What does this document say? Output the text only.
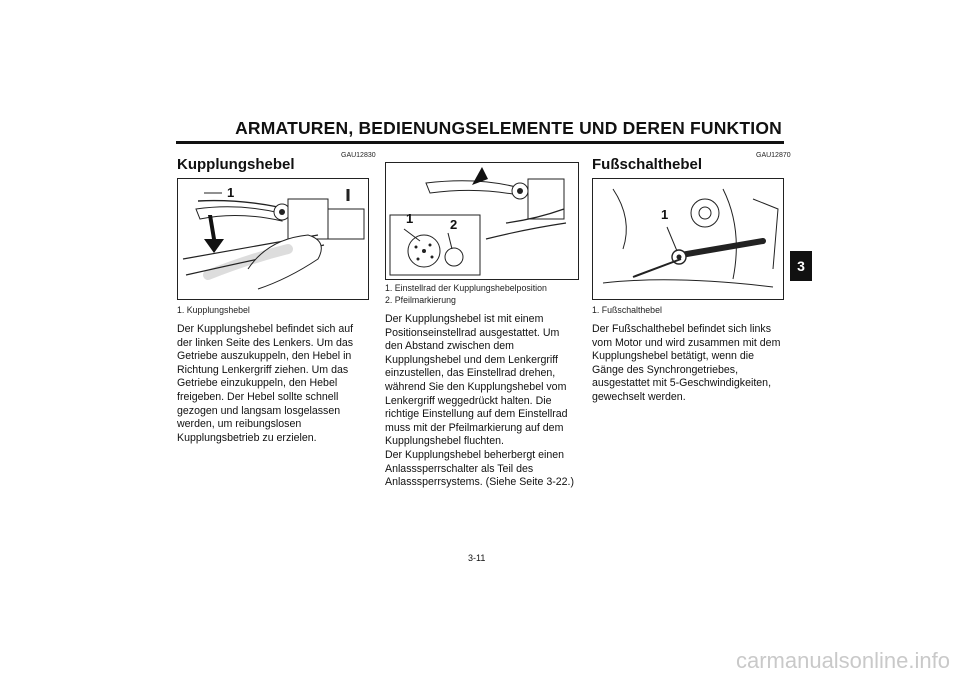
ARMATUREN, BEDIENUNGSELEMENTE UND DEREN FUNKTION
3
GAU12830
Kupplungshebel
1
1. Kupplungshebel

Der Kupplungshebel befindet sich auf der linken Seite des Lenkers. Um das Getriebe auszukuppeln, den Hebel in Richtung Lenkergriff ziehen. Um das Getriebe einzukuppeln, den Hebel freigeben. Der Hebel sollte schnell gezogen und langsam losgelassen werden, um reibungslosen Kupplungsbetrieb zu erzielen.

1	2
1. Einstellrad der Kupplungshebelposition
2. Pfeilmarkierung

Der Kupplungshebel ist mit einem Positionseinstellrad ausgestattet. Um den Abstand zwischen dem Kupplungshebel und dem Lenkergriff einzustellen, das Einstellrad drehen, während Sie den Kupplungshebel vom Lenkergriff weggedrückt halten. Die richtige Einstellung auf dem Einstellrad muss mit der Pfeilmarkierung auf dem Kupplungshebel fluchten.

Der Kupplungshebel beherbergt einen Anlasssperrschalter als Teil des Anlasssperrsystems. (Siehe Seite 3-22.)

GAU12870
Fußschalthebel
1
1. Fußschalthebel

Der Fußschalthebel befindet sich links vom Motor und wird zusammen mit dem Kupplungshebel betätigt, wenn die Gänge des Synchrongetriebes, ausgestattet mit 5-Geschwindigkeiten, gewechselt werden.

3-11
carmanualsonline.info
